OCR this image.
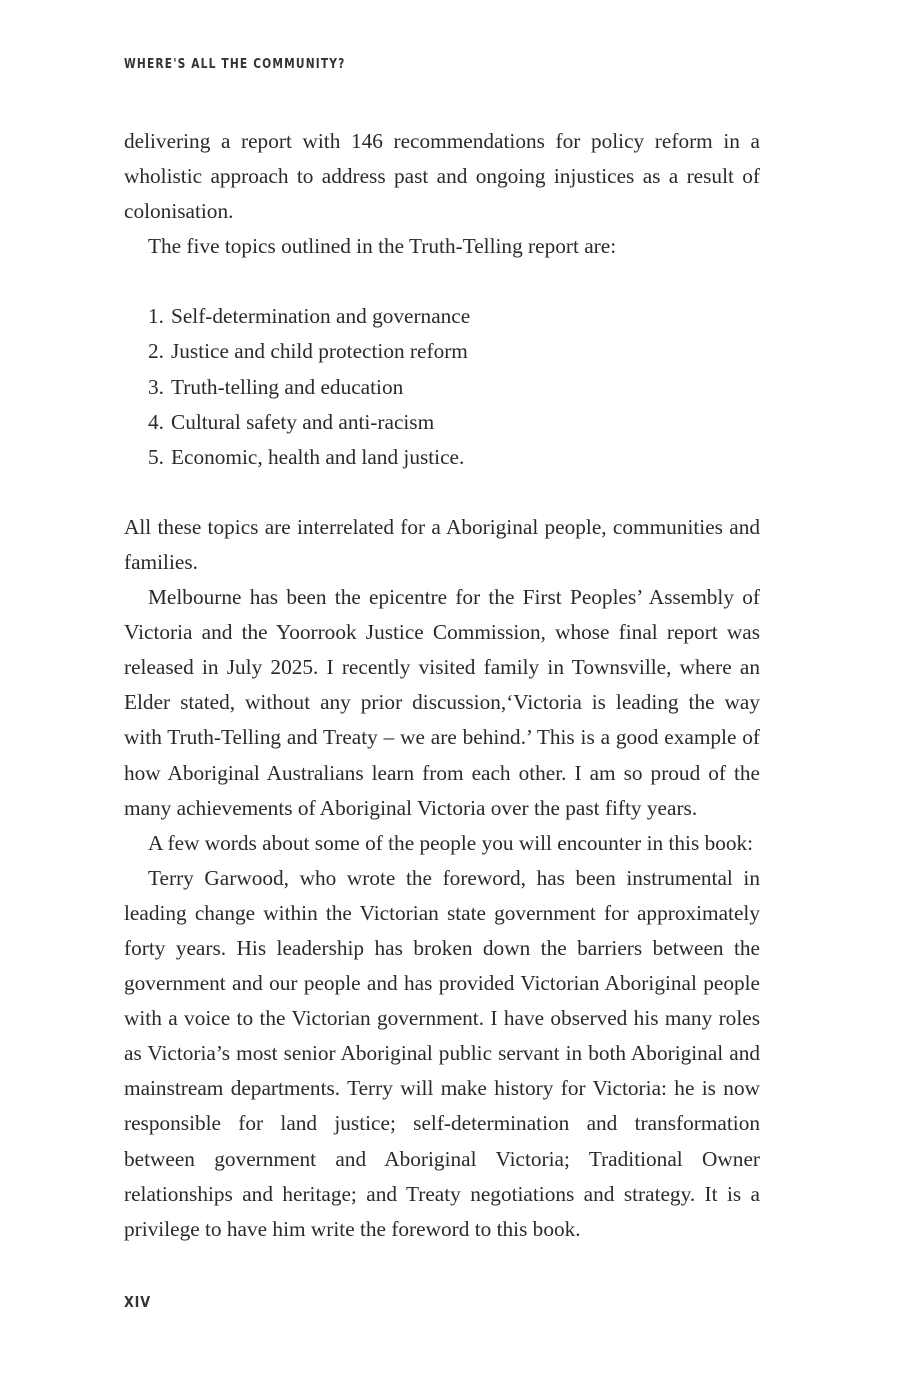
WHERE'S ALL THE COMMUNITY?

delivering a report with 146 recommendations for policy reform in a wholistic approach to address past and ongoing injustices as a result of colonisation.

The five topics outlined in the Truth-Telling report are:

1. Self-determination and governance
2. Justice and child protection reform
3. Truth-telling and education
4. Cultural safety and anti-racism
5. Economic, health and land justice.

All these topics are interrelated for a Aboriginal people, communities and families.

Melbourne has been the epicentre for the First Peoples’ Assembly of Victoria and the Yoorrook Justice Commission, whose final report was released in July 2025. I recently visited family in Townsville, where an Elder stated, without any prior discussion,‘Victoria is leading the way with Truth-Telling and Treaty – we are behind.’ This is a good example of how Aboriginal Australians learn from each other. I am so proud of the many achievements of Aboriginal Victoria over the past fifty years.

A few words about some of the people you will encounter in this book:

Terry Garwood, who wrote the foreword, has been instrumental in leading change within the Victorian state government for approximately forty years. His leadership has broken down the barriers between the government and our people and has provided Victorian Aboriginal people with a voice to the Victorian government. I have observed his many roles as Victoria’s most senior Aboriginal public servant in both Aboriginal and mainstream departments. Terry will make history for Victoria: he is now responsible for land justice; self-determination and transformation between government and Aboriginal Victoria; Traditional Owner relationships and heritage; and Treaty negotiations and strategy. It is a privilege to have him write the foreword to this book.

XIV
